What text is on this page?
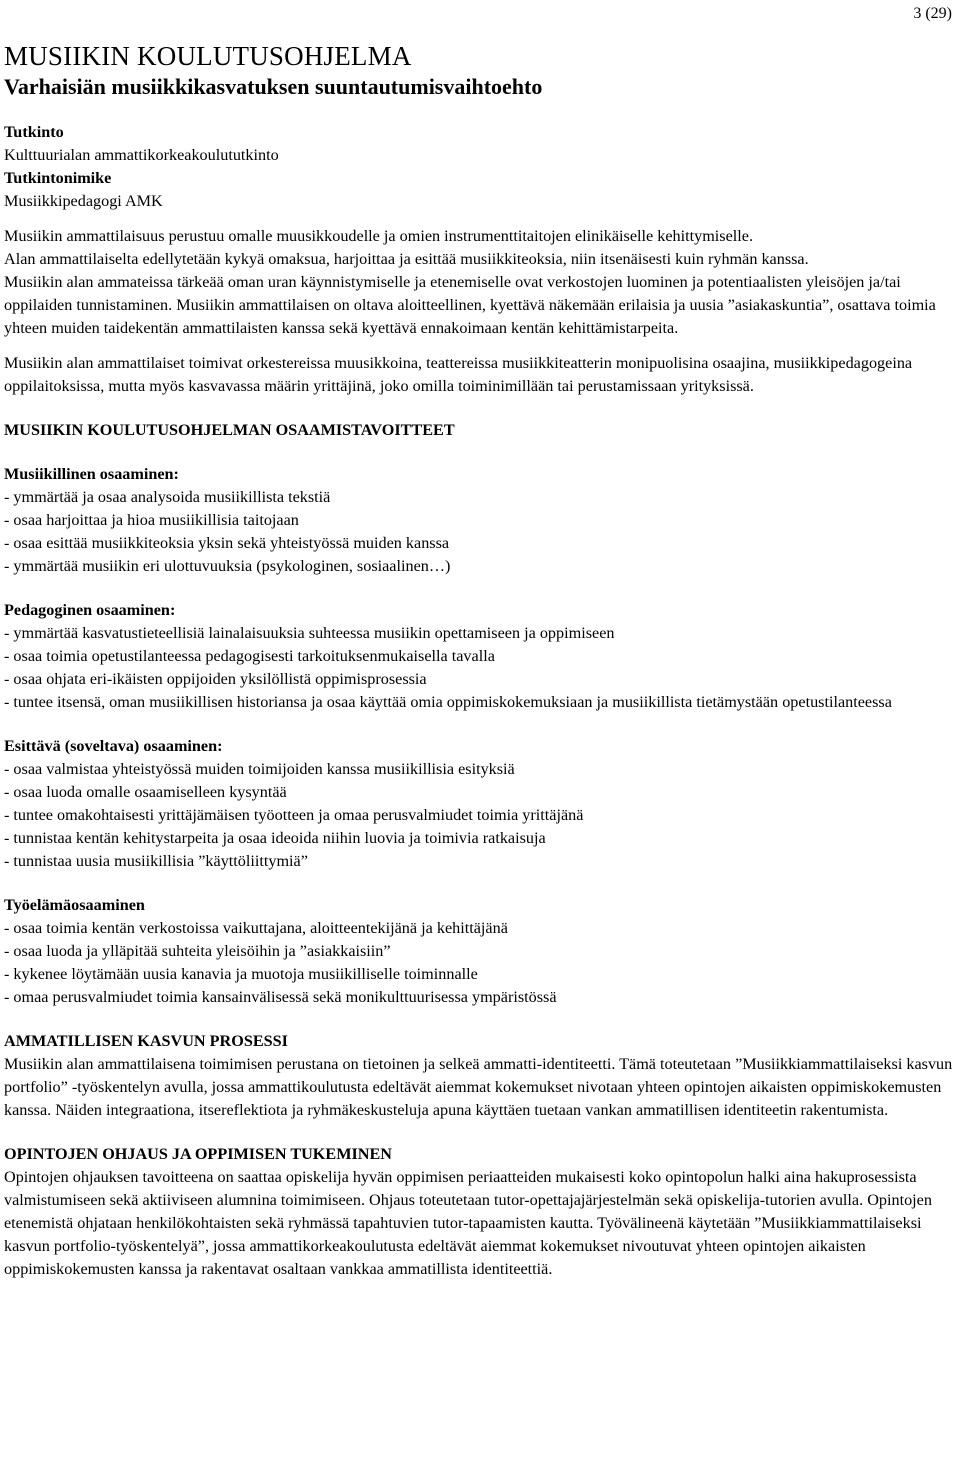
3 (29)
MUSIIKIN KOULUTUSOHJELMA
Varhaisiän musiikkikasvatuksen suuntautumisvaihtoehto

Tutkinto

Kulttuurialan ammattikorkeakoulututkinto

Tutkintonimike

Musiikkipedagogi AMK

Musiikin ammattilaisuus perustuu omalle muusikkoudelle ja omien instrumenttitaitojen elinikäiselle kehittymiselle.

Alan ammattilaiselta edellytetään kykyä omaksua, harjoittaa ja esittää musiikkiteoksia, niin itsenäisesti kuin ryhmän kanssa.

Musiikin alan ammateissa tärkeää oman uran käynnistymiselle ja etenemiselle ovat verkostojen luominen ja potentiaalisten yleisöjen ja/tai oppilaiden tunnistaminen. Musiikin ammattilaisen on oltava aloitteellinen, kyettävä näkemään erilaisia ja uusia ”asiakaskuntia”, osattava toimia yhteen muiden taidekentän ammattilaisten kanssa sekä kyettävä ennakoimaan kentän kehittämistarpeita.

Musiikin alan ammattilaiset toimivat orkestereissa muusikkoina, teattereissa musiikkiteatterin monipuolisina osaajina, musiikkipedagogeina oppilaitoksissa, mutta myös kasvavassa määrin yrittäjinä, joko omilla toiminimillään tai perustamissaan yrityksissä.

MUSIIKIN KOULUTUSOHJELMAN OSAAMISTAVOITTEET

Musiikillinen osaaminen:

- ymmärtää ja osaa analysoida musiikillista tekstiä
- osaa harjoittaa ja hioa musiikillisia taitojaan
- osaa esittää musiikkiteoksia yksin sekä yhteistyössä muiden kanssa
- ymmärtää musiikin eri ulottuvuuksia (psykologinen, sosiaalinen…)

Pedagoginen osaaminen:

- ymmärtää kasvatustieteellisiä lainalaisuuksia suhteessa musiikin opettamiseen ja oppimiseen
- osaa toimia opetustilanteessa pedagogisesti tarkoituksenmukaisella tavalla
- osaa ohjata eri-ikäisten oppijoiden yksilöllistä oppimisprosessia
- tuntee itsensä, oman musiikillisen historiansa ja osaa käyttää omia oppimiskokemuksiaan ja musiikillista tietämystään opetustilanteessa

Esittävä (soveltava) osaaminen:

- osaa valmistaa yhteistyössä muiden toimijoiden kanssa musiikillisia esityksiä
- osaa luoda omalle osaamiselleen kysyntää
- tuntee omakohtaisesti yrittäjämäisen työotteen ja omaa perusvalmiudet toimia yrittäjänä
- tunnistaa kentän kehitystarpeita ja osaa ideoida niihin luovia ja toimivia ratkaisuja
- tunnistaa uusia musiikillisia ”käyttöliittymiä”

Työelämäosaaminen

- osaa toimia kentän verkostoissa vaikuttajana, aloitteentekijänä ja kehittäjänä
- osaa luoda ja ylläpitää suhteita yleisöihin ja ”asiakkaisiin”
- kykenee löytämään uusia kanavia ja muotoja musiikilliselle toiminnalle
- omaa perusvalmiudet toimia kansainvälisessä sekä monikulttuurisessa ympäristössä

AMMATILLISEN KASVUN PROSESSI

Musiikin alan ammattilaisena toimimisen perustana on tietoinen ja selkeä ammatti-identiteetti. Tämä toteutetaan ”Musiikkiammattilaiseksi kasvun portfolio” -työskentelyn avulla, jossa ammattikoulutusta edeltävät aiemmat kokemukset nivotaan yhteen opintojen aikaisten oppimiskokemusten kanssa. Näiden integraationa, itsereflektiota ja ryhmäkeskusteluja apuna käyttäen tuetaan vankan ammatillisen identiteetin rakentumista.

OPINTOJEN OHJAUS JA OPPIMISEN TUKEMINEN

Opintojen ohjauksen tavoitteena on saattaa opiskelija hyvän oppimisen periaatteiden mukaisesti koko opintopolun halki aina hakuprosessista valmistumiseen sekä aktiiviseen alumnina toimimiseen. Ohjaus toteutetaan tutor-opettajajärjestelmän sekä opiskelija-tutorien avulla. Opintojen etenemistä ohjataan henkilökohtaisten sekä ryhmässä tapahtuvien tutor-tapaamisten kautta. Työvälineenä käytetään ”Musiikkiammattilaiseksi kasvun portfolio-työskentelyä”, jossa ammattikorkeakoulutusta edeltävät aiemmat kokemukset nivoutuvat yhteen opintojen aikaisten oppimiskokemusten kanssa ja rakentavat osaltaan vankkaa ammatillista identiteettiä.
